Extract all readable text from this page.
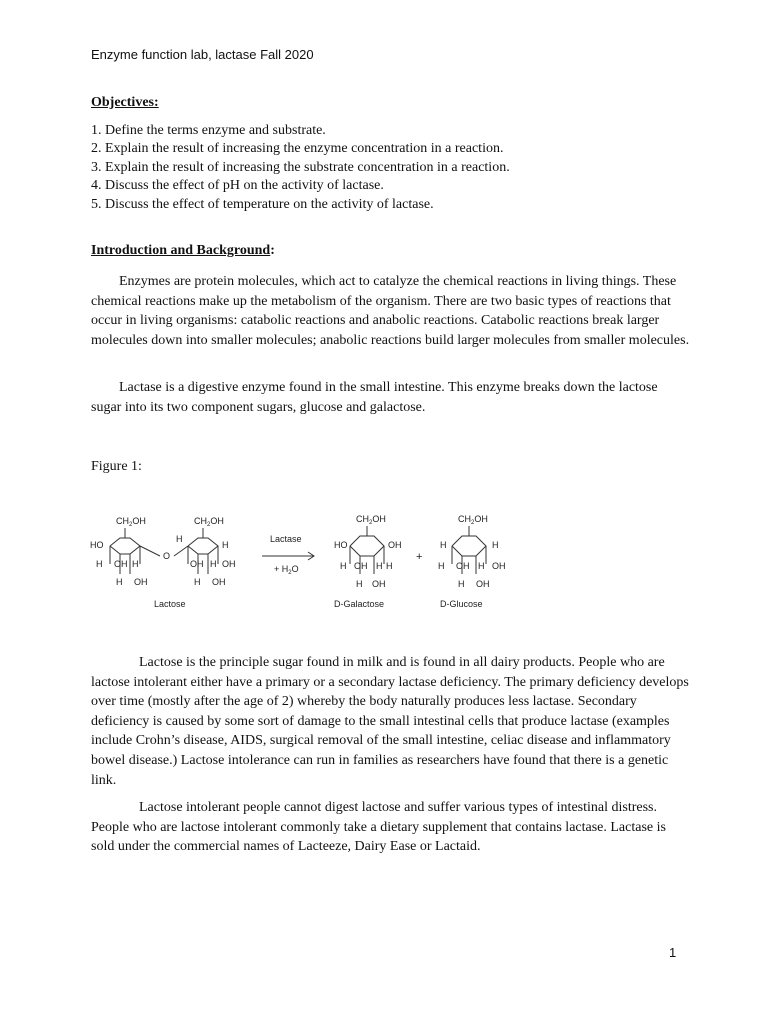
Enzyme function lab, lactase Fall 2020
Objectives:
1. Define the terms enzyme and substrate.
2. Explain the result of increasing the enzyme concentration in a reaction.
3. Explain the result of increasing the substrate concentration in a reaction.
4. Discuss the effect of pH on the activity of lactase.
5. Discuss the effect of temperature on the activity of lactase.
Introduction and Background:

Enzymes are protein molecules, which act to catalyze the chemical reactions in living things. These chemical reactions make up the metabolism of the organism. There are two basic types of reactions that occur in living organisms: catabolic reactions and anabolic reactions. Catabolic reactions break larger molecules down into smaller molecules; anabolic reactions build larger molecules from smaller molecules.

Lactase is a digestive enzyme found in the small intestine. This enzyme breaks down the lactose sugar into its two component sugars, glucose and galactose.

Figure 1:
$CH_2OH$
HO
H OH H
H OH
O
$CH_2OH$
H
H
OH H OH
H OH
Lactose
Lactase
+ $H_2O$
$CH_2OH$
HO	OH
H OH H H
H OH
D-Galactose
+
$CH_2OH$
H	H
H OH H OH
H OH
D-Glucose

Lactose is the principle sugar found in milk and is found in all dairy products. People who are lactose intolerant either have a primary or a secondary lactase deficiency. The primary deficiency develops over time (mostly after the age of 2) whereby the body naturally produces less lactase. Secondary deficiency is caused by some sort of damage to the small intestinal cells that produce lactase (examples include Crohn’s disease, AIDS, surgical removal of the small intestine, celiac disease and inflammatory bowel disease.) Lactose intolerance can run in families as researchers have found that there is a genetic link.

Lactose intolerant people cannot digest lactose and suffer various types of intestinal distress. People who are lactose intolerant commonly take a dietary supplement that contains lactase. Lactase is sold under the commercial names of Lacteeze, Dairy Ease or Lactaid.

1
